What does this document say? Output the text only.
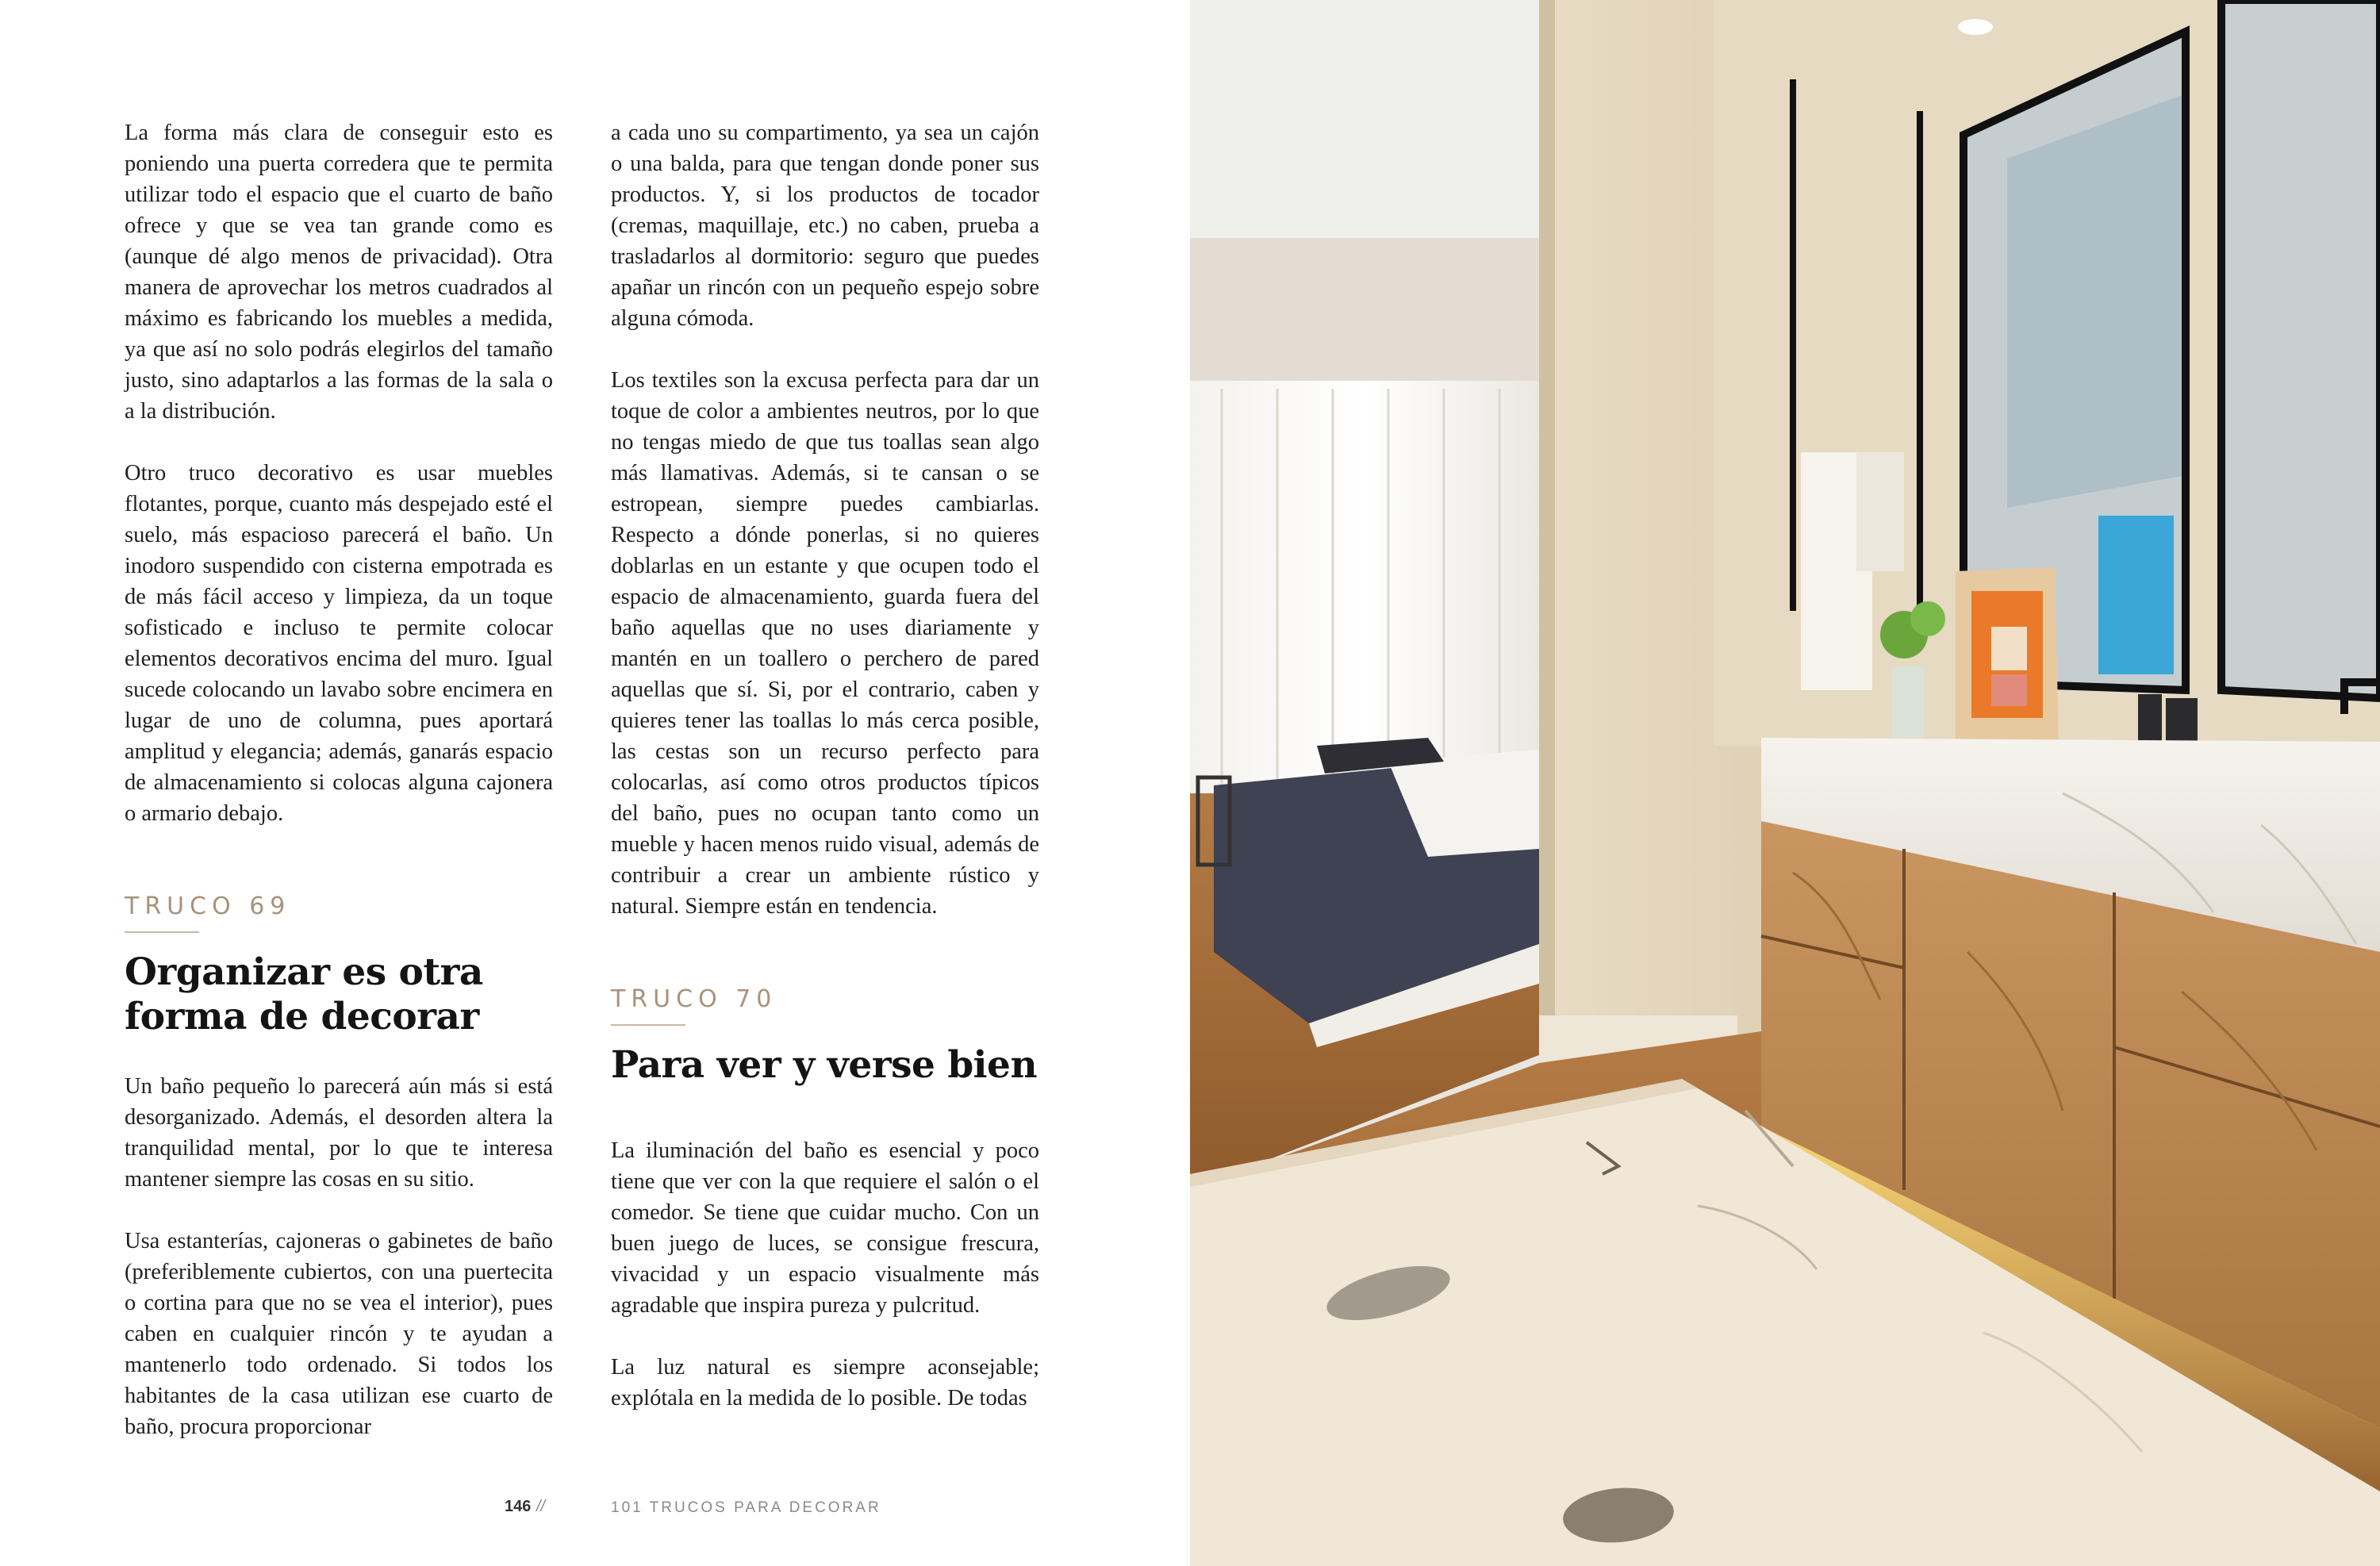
La forma más clara de conseguir esto es poniendo una puerta corredera que te permita utilizar todo el espacio que el cuarto de baño ofrece y que se vea tan grande como es (aunque dé algo menos de privacidad). Otra manera de aprovechar los metros cuadrados al máximo es fabricando los muebles a medida, ya que así no solo podrás elegirlos del tamaño justo, sino adaptarlos a las formas de la sala o a la distribución.

Otro truco decorativo es usar muebles flotantes, porque, cuanto más despejado esté el suelo, más espacioso parecerá el baño. Un inodoro suspendido con cisterna empotrada es de más fácil acceso y limpieza, da un toque sofisticado e incluso te permite colocar elementos decorativos encima del muro. Igual sucede colocando un lavabo sobre encimera en lugar de uno de columna, pues aportará amplitud y elegancia; además, ganarás espacio de almacenamiento si colocas alguna cajonera o armario debajo.

TRUCO 69
Organizar es otra forma de decorar

Un baño pequeño lo parecerá aún más si está desorganizado. Además, el desorden altera la tranquilidad mental, por lo que te interesa mantener siempre las cosas en su sitio.

Usa estanterías, cajoneras o gabinetes de baño (preferiblemente cubiertos, con una puertecita o cortina para que no se vea el interior), pues caben en cualquier rincón y te ayudan a mantenerlo todo ordenado. Si todos los habitantes de la casa utilizan ese cuarto de baño, procura proporcionar

a cada uno su compartimento, ya sea un cajón o una balda, para que tengan donde poner sus productos. Y, si los productos de tocador (cremas, maquillaje, etc.) no caben, prueba a trasladarlos al dormitorio: seguro que puedes apañar un rincón con un pequeño espejo sobre alguna cómoda.

Los textiles son la excusa perfecta para dar un toque de color a ambientes neutros, por lo que no tengas miedo de que tus toallas sean algo más llamativas. Además, si te cansan o se estropean, siempre puedes cambiarlas. Respecto a dónde ponerlas, si no quieres doblarlas en un estante y que ocupen todo el espacio de almacenamiento, guarda fuera del baño aquellas que no uses diariamente y mantén en un toallero o perchero de pared aquellas que sí. Si, por el contrario, caben y quieres tener las toallas lo más cerca posible, las cestas son un recurso perfecto para colocarlas, así como otros productos típicos del baño, pues no ocupan tanto como un mueble y hacen menos ruido visual, además de contribuir a crear un ambiente rústico y natural. Siempre están en tendencia.

TRUCO 70
Para ver y verse bien

La iluminación del baño es esencial y poco tiene que ver con la que requiere el salón o el comedor. Se tiene que cuidar mucho. Con un buen juego de luces, se consigue frescura, vivacidad y un espacio visualmente más agradable que inspira pureza y pulcritud.

La luz natural es siempre aconsejable; explótala en la medida de lo posible. De todas

146 //	101 TRUCOS PARA DECORAR
